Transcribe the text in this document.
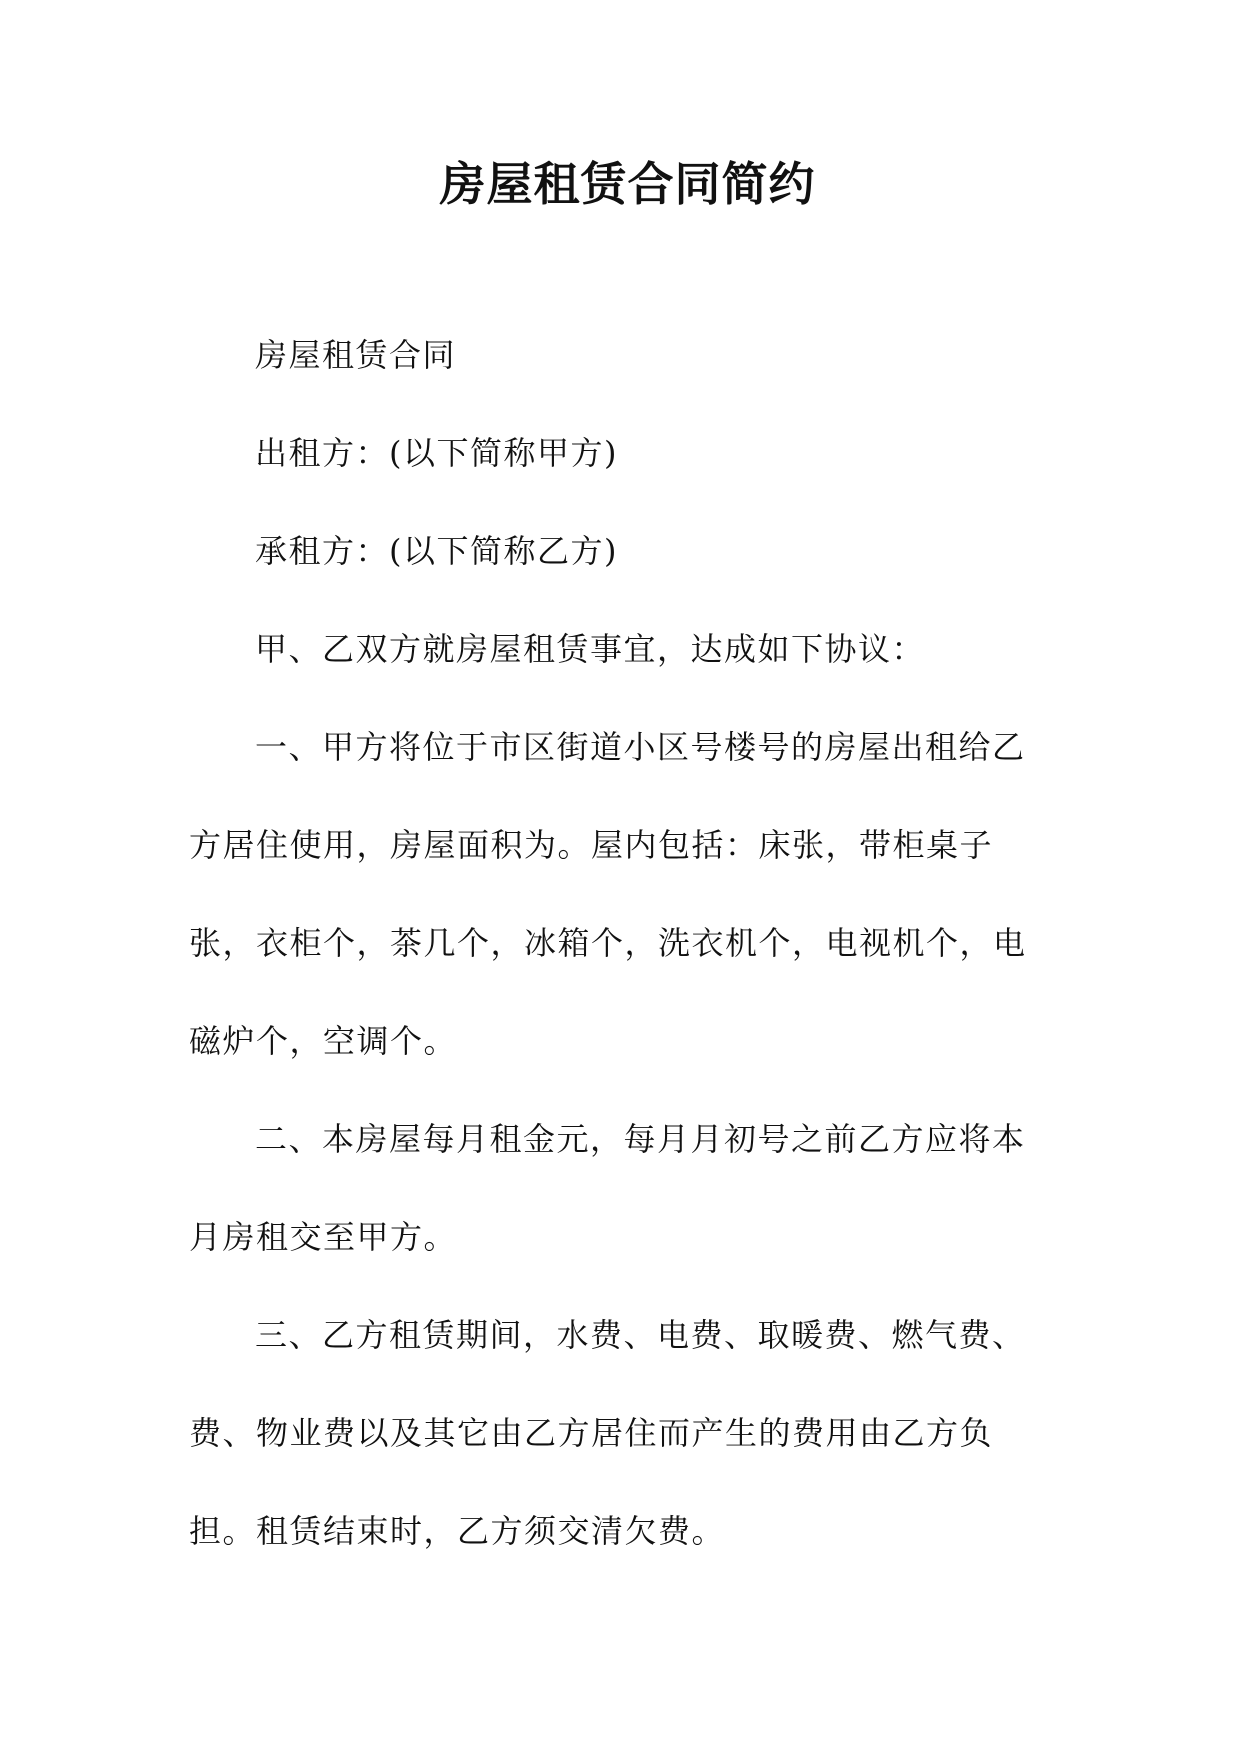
房屋租赁合同简约

房屋租赁合同

出租方：(以下简称甲方)

承租方：(以下简称乙方)

甲、乙双方就房屋租赁事宜，达成如下协议：

一、甲方将位于市区街道小区号楼号的房屋出租给乙
方居住使用，房屋面积为。屋内包括：床张，带柜桌子
张，衣柜个，茶几个，冰箱个，洗衣机个，电视机个，电
磁炉个，空调个。

二、本房屋每月租金元，每月月初号之前乙方应将本
月房租交至甲方。

三、乙方租赁期间，水费、电费、取暖费、燃气费、
费、物业费以及其它由乙方居住而产生的费用由乙方负
担。租赁结束时，乙方须交清欠费。
